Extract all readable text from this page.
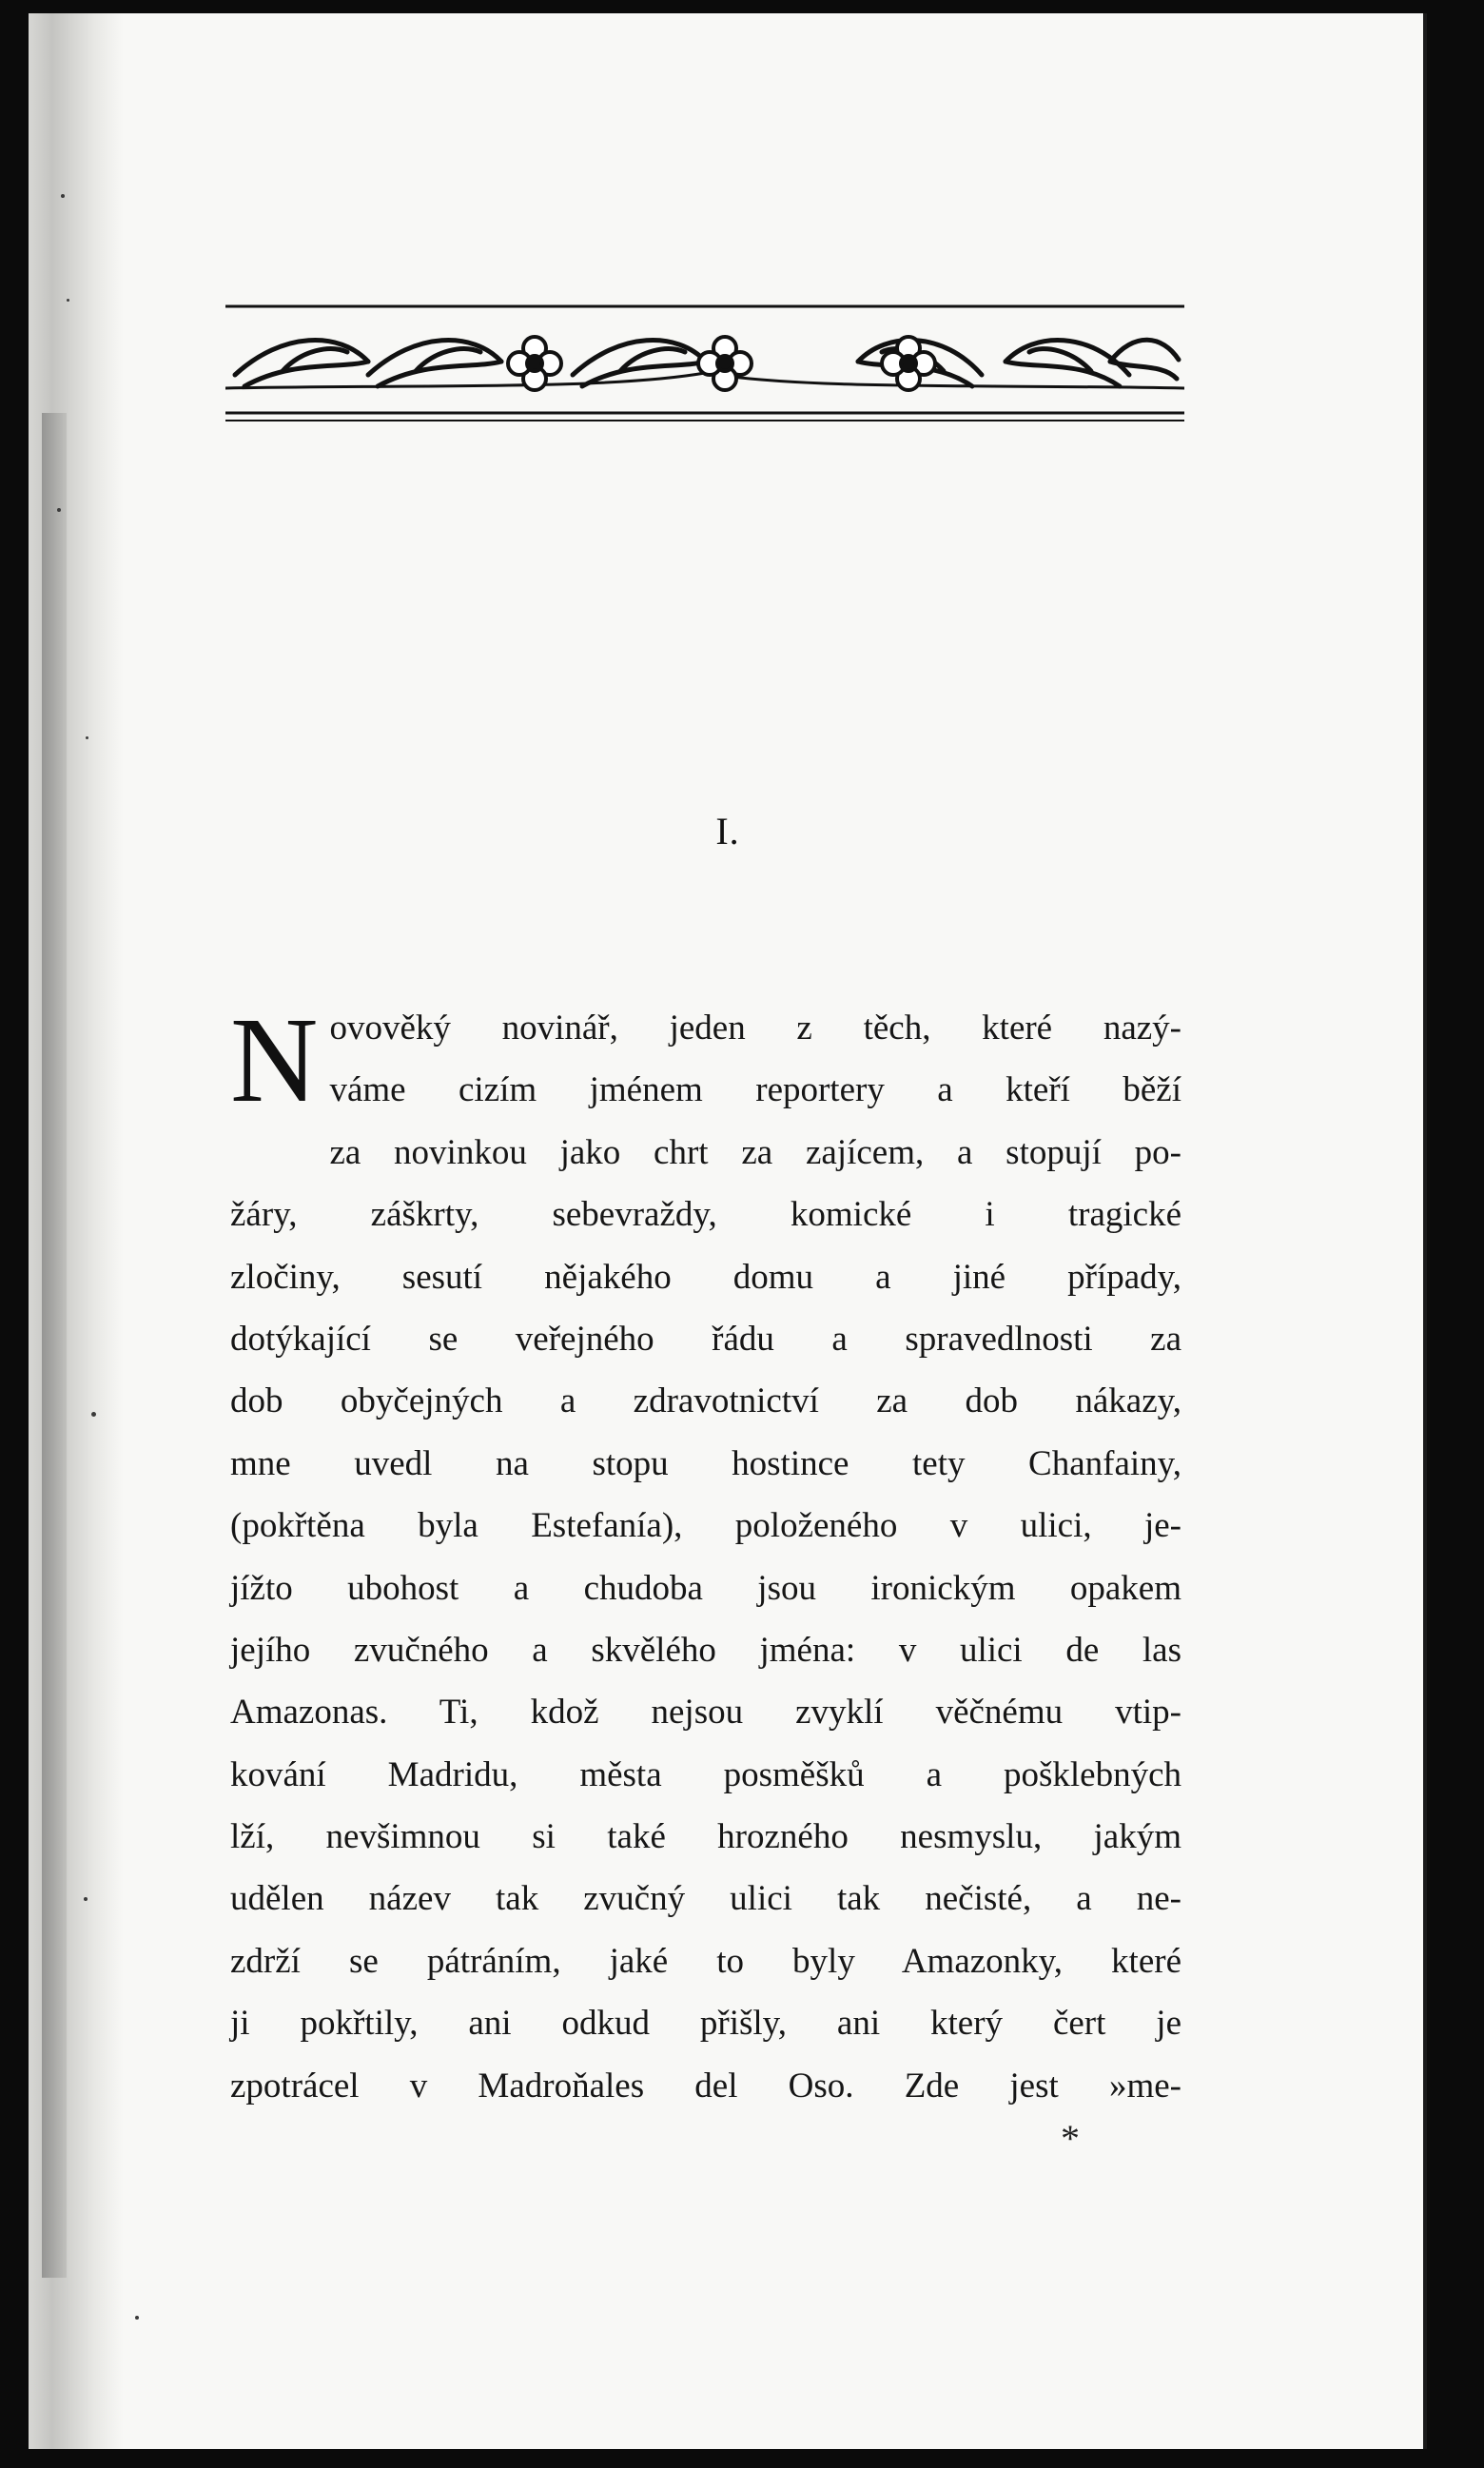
I.
N ovověký novinář, jeden z těch, které nazý-
váme cizím jménem reportery a kteří běží
za novinkou jako chrt za zajícem, a stopují po-
žáry, záškrty, sebevraždy, komické i tragické
zločiny, sesutí nějakého domu a jiné případy,
dotýkající se veřejného řádu a spravedlnosti za
dob obyčejných a zdravotnictví za dob nákazy,
mne uvedl na stopu hostince tety Chanfainy,
(pokřtěna byla Estefanía), položeného v ulici, je-
jížto ubohost a chudoba jsou ironickým opakem
jejího zvučného a skvělého jména: v ulici de las
Amazonas. Ti, kdož nejsou zvyklí věčnému vtip-
kování Madridu, města posměšků a pošklebných
lží, nevšimnou si také hrozného nesmyslu, jakým
udělen název tak zvučný ulici tak nečisté, a ne-
zdrží se pátráním, jaké to byly Amazonky, které
ji pokřtily, ani odkud přišly, ani který čert je
zpotrácel v Madroňales del Oso. Zde jest »me-
*
